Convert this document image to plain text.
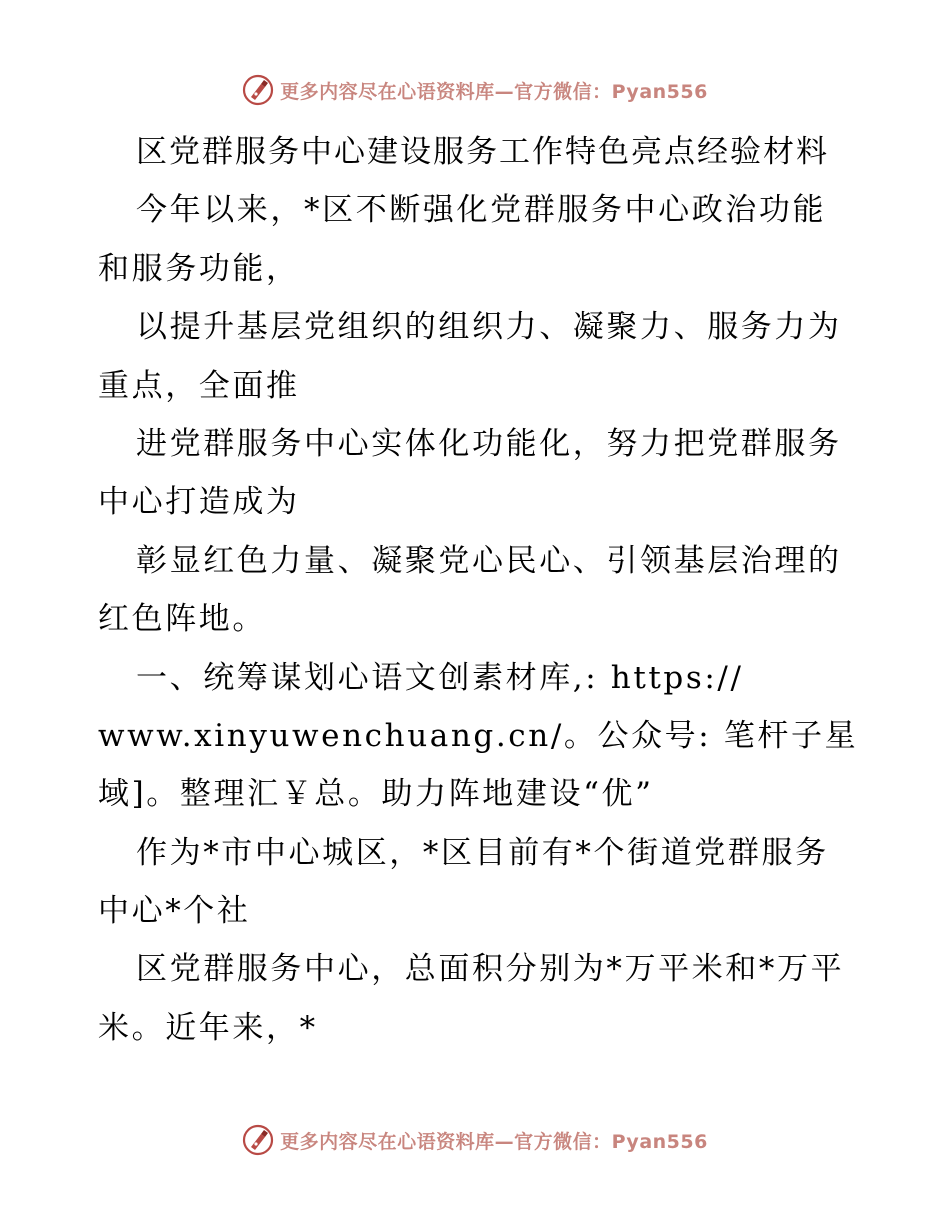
更多内容尽在心语资料库—官方微信：Pyan556
区党群服务中心建设服务工作特色亮点经验材料
今年以来，*区不断强化党群服务中心政治功能
和服务功能，
以提升基层党组织的组织力、凝聚力、服务力为
重点，全面推
进党群服务中心实体化功能化，努力把党群服务
中心打造成为
彰显红色力量、凝聚党心民心、引领基层治理的
红色阵地。
一、统筹谋划心语文创素材库,: https://
www.xinyuwenchuang.cn/。公众号: 笔杆子星
域]。整理汇￥总。助力阵地建设“优”
作为*市中心城区，*区目前有*个街道党群服务
中心*个社
区党群服务中心，总面积分别为*万平米和*万平
米。近年来，*
更多内容尽在心语资料库—官方微信：Pyan556
